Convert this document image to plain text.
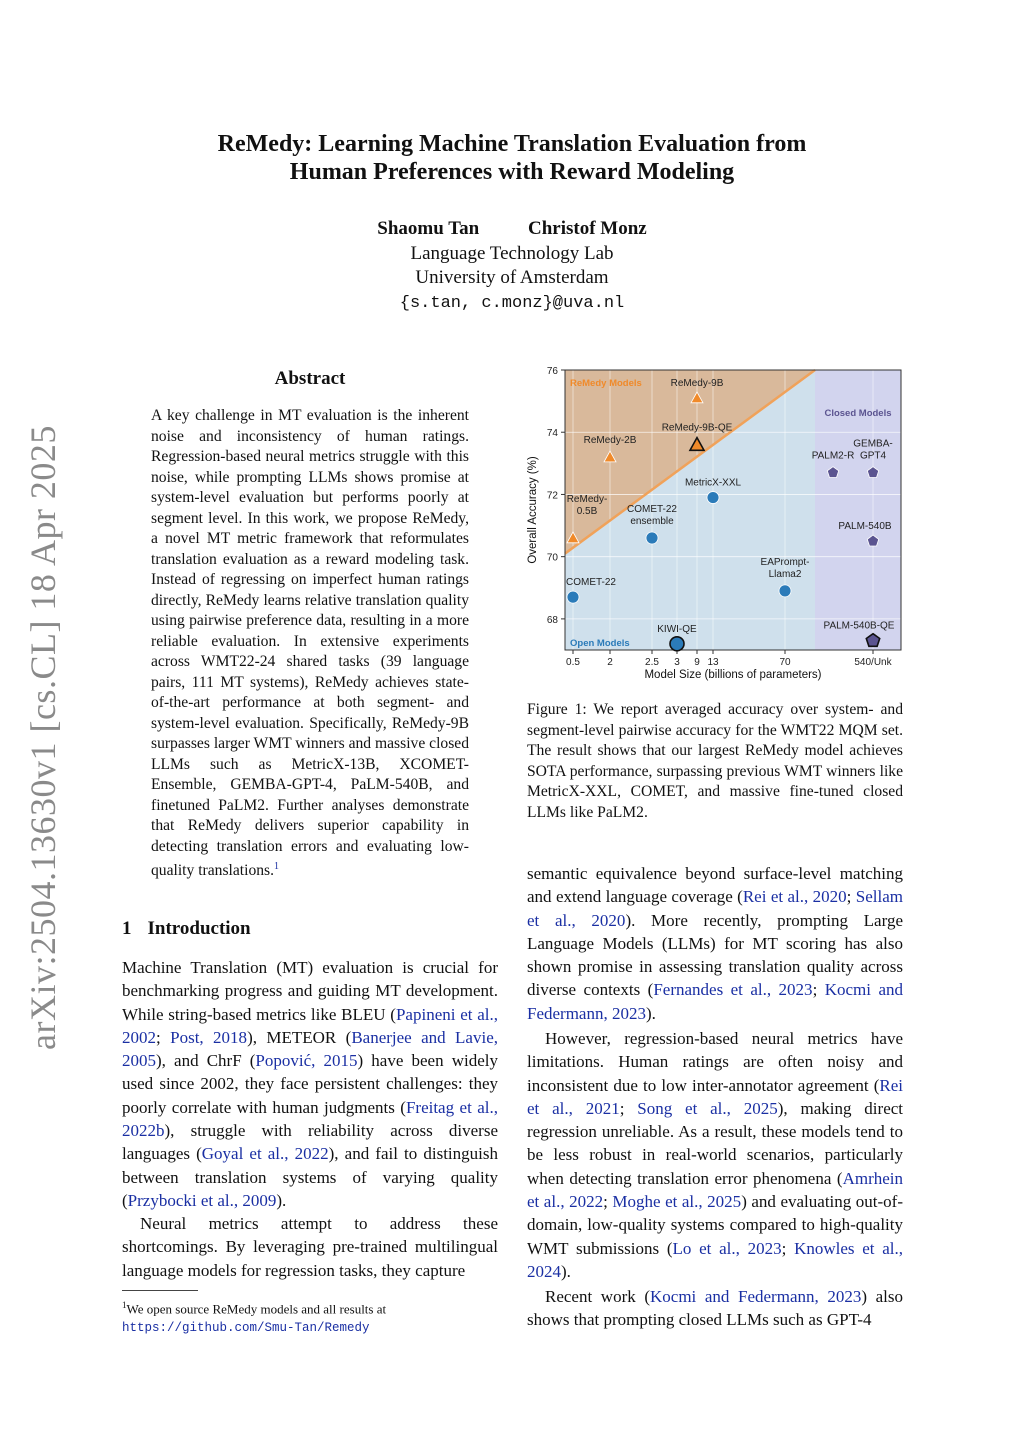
arXiv:2504.13630v1 [cs.CL] 18 Apr 2025
ReMedy: Learning Machine Translation Evaluation from
Human Preferences with Reward Modeling
Shaomu Tan	Christof Monz
Language Technology Lab
University of Amsterdam
{s.tan, c.monz}@uva.nl
Abstract
A key challenge in MT evaluation is the inherent noise and inconsistency of human ratings. Regression-based neural metrics struggle with this noise, while prompting LLMs shows promise at system-level evaluation but performs poorly at segment level. In this work, we propose ReMedy, a novel MT metric framework that reformulates translation evaluation as a reward modeling task. Instead of regressing on imperfect human ratings directly, ReMedy learns relative translation quality using pairwise preference data, resulting in a more reliable evaluation. In extensive experiments across WMT22-24 shared tasks (39 language pairs, 111 MT systems), ReMedy achieves state-of-the-art performance at both segment- and system-level evaluation. Specifically, ReMedy-9B surpasses larger WMT winners and massive closed LLMs such as MetricX-13B, XCOMET-Ensemble, GEMBA-GPT-4, PaLM-540B, and finetuned PaLM2. Further analyses demonstrate that ReMedy delivers superior capability in detecting translation errors and evaluating low-quality translations.$^1$
1 Introduction
Machine Translation (MT) evaluation is crucial for benchmarking progress and guiding MT development. While string-based metrics like BLEU (Papineni et al., 2002; Post, 2018), METEOR (Banerjee and Lavie, 2005), and ChrF (Popović, 2015) have been widely used since 2002, they face persistent challenges: they poorly correlate with human judgments (Freitag et al., 2022b), struggle with reliability across diverse languages (Goyal et al., 2022), and fail to distinguish between translation systems of varying quality (Przybocki et al., 2009).
Neural metrics attempt to address these shortcomings. By leveraging pre-trained multilingual language models for regression tasks, they capture
$^1$We open source ReMedy models and all results at https://github.com/Smu-Tan/Remedy
68
70
72
74
76
0.5	2	2.5 3 9 13	70	540/Unk
Model Size (billions of parameters)
Overall Accuracy (%)
ReMedy Models
Open Models
Closed Models
ReMedy-9B
ReMedy-9B-QE
ReMedy-2B
ReMedy-
0.5B
MetricX-XXL
COMET-22
ensemble
COMET-22
EAPrompt-
Llama2
KIWI-QE
PALM2-R
GEMBA-
GPT4
PALM-540B
PALM-540B-QE
Figure 1: We report averaged accuracy over system- and segment-level pairwise accuracy for the WMT22 MQM set. The result shows that our largest ReMedy model achieves SOTA performance, surpassing previous WMT winners like MetricX-XXL, COMET, and massive fine-tuned closed LLMs like PaLM2.
semantic equivalence beyond surface-level matching and extend language coverage (Rei et al., 2020; Sellam et al., 2020). More recently, prompting Large Language Models (LLMs) for MT scoring has also shown promise in assessing translation quality across diverse contexts (Fernandes et al., 2023; Kocmi and Federmann, 2023).
However, regression-based neural metrics have limitations. Human ratings are often noisy and inconsistent due to low inter-annotator agreement (Rei et al., 2021; Song et al., 2025), making direct regression unreliable. As a result, these models tend to be less robust in real-world scenarios, particularly when detecting translation error phenomena (Amrhein et al., 2022; Moghe et al., 2025) and evaluating out-of-domain, low-quality systems compared to high-quality WMT submissions (Lo et al., 2023; Knowles et al., 2024).
Recent work (Kocmi and Federmann, 2023) also shows that prompting closed LLMs such as GPT-4
